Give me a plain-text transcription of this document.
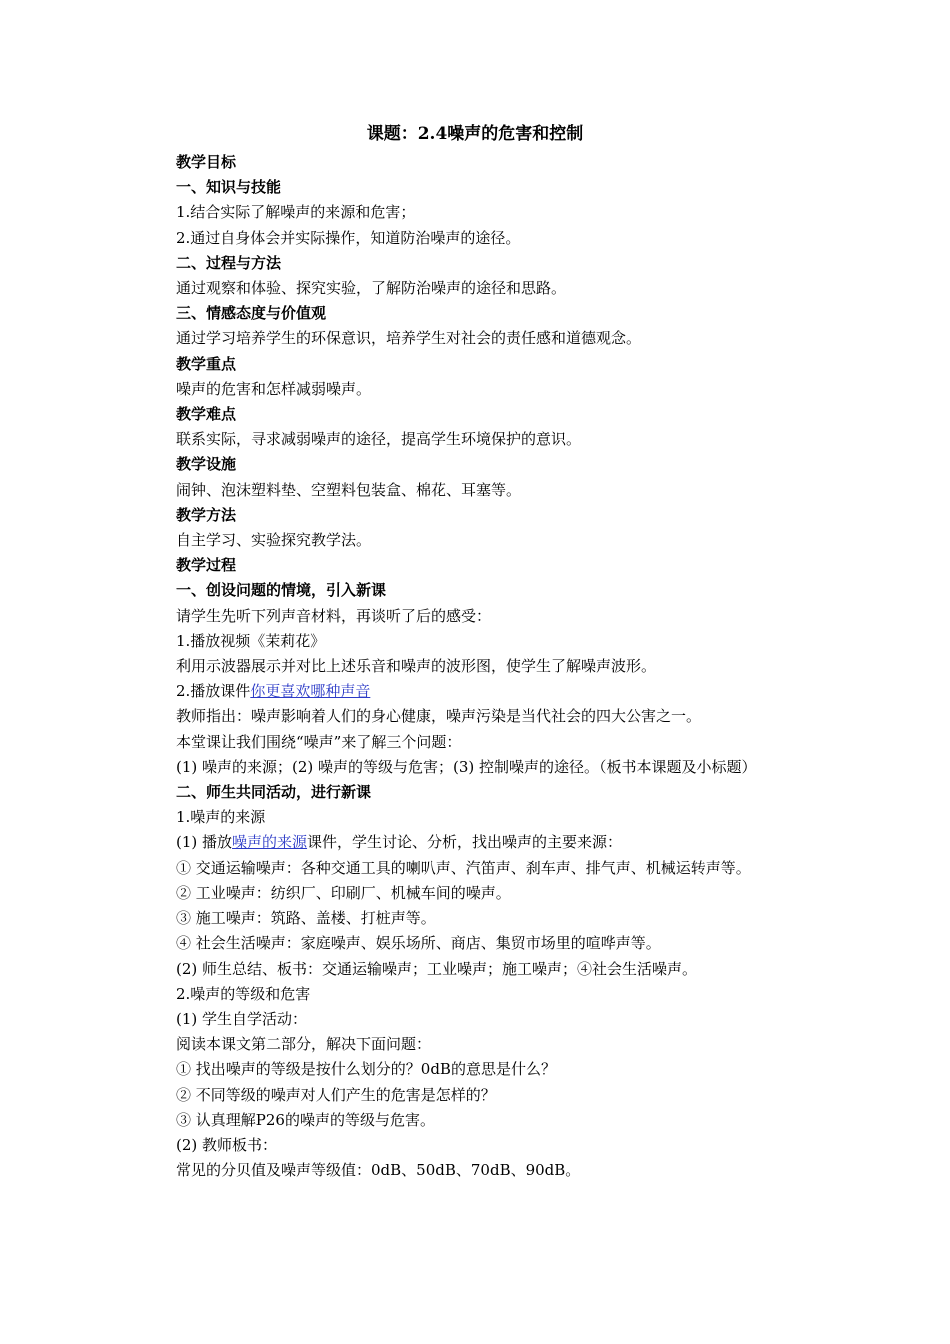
课题：2.4噪声的危害和控制
教学目标
一、知识与技能
1.结合实际了解噪声的来源和危害；
2.通过自身体会并实际操作，知道防治噪声的途径。
二、过程与方法
通过观察和体验、探究实验，了解防治噪声的途径和思路。
三、情感态度与价值观
通过学习培养学生的环保意识，培养学生对社会的责任感和道德观念。
教学重点
噪声的危害和怎样减弱噪声。
教学难点
联系实际，寻求减弱噪声的途径，提高学生环境保护的意识。
教学设施
闹钟、泡沫塑料垫、空塑料包装盒、棉花、耳塞等。
教学方法
自主学习、实验探究教学法。
教学过程
一、创设问题的情境，引入新课
请学生先听下列声音材料，再谈听了后的感受：
1.播放视频《茉莉花》
利用示波器展示并对比上述乐音和噪声的波形图，使学生了解噪声波形。
2.播放课件你更喜欢哪种声音
教师指出：噪声影响着人们的身心健康，噪声污染是当代社会的四大公害之一。
本堂课让我们围绕“噪声”来了解三个问题：
(1) 噪声的来源；(2) 噪声的等级与危害；(3) 控制噪声的途径。（板书本课题及小标题）
二、师生共同活动，进行新课
1.噪声的来源
(1) 播放噪声的来源课件，学生讨论、分析，找出噪声的主要来源：
① 交通运输噪声：各种交通工具的喇叭声、汽笛声、刹车声、排气声、机械运转声等。
② 工业噪声：纺织厂、印刷厂、机械车间的噪声。
③ 施工噪声：筑路、盖楼、打桩声等。
④ 社会生活噪声：家庭噪声、娱乐场所、商店、集贸市场里的喧哗声等。
(2) 师生总结、板书：交通运输噪声；工业噪声；施工噪声；④社会生活噪声。
2.噪声的等级和危害
(1) 学生自学活动：
阅读本课文第二部分，解决下面问题：
① 找出噪声的等级是按什么划分的？0dB的意思是什么？
② 不同等级的噪声对人们产生的危害是怎样的？
③ 认真理解P26的噪声的等级与危害。
(2) 教师板书：
常见的分贝值及噪声等级值：0dB、50dB、70dB、90dB。
